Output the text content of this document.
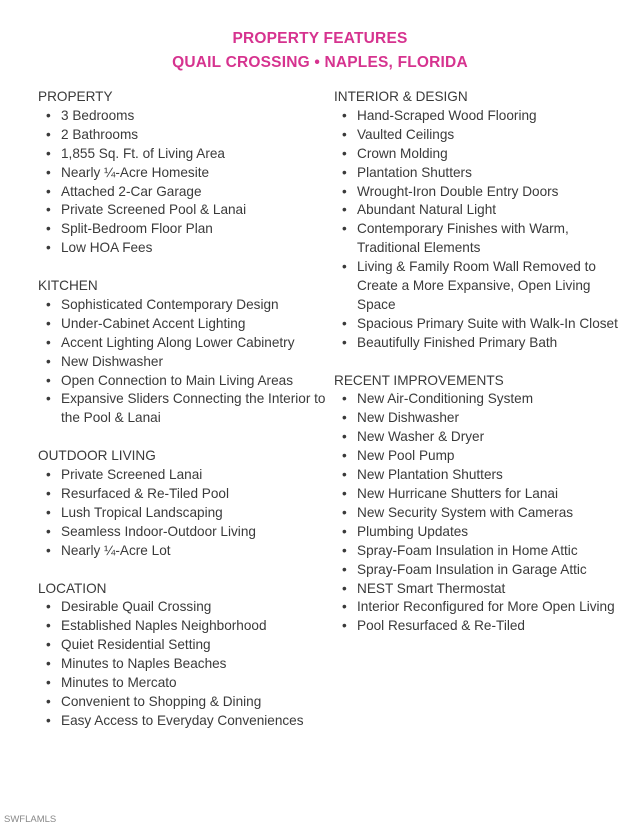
PROPERTY FEATURES
QUAIL CROSSING • NAPLES, FLORIDA
PROPERTY
• 3 Bedrooms
• 2 Bathrooms
• 1,855 Sq. Ft. of Living Area
• Nearly ¼-Acre Homesite
• Attached 2-Car Garage
• Private Screened Pool & Lanai
• Split-Bedroom Floor Plan
• Low HOA Fees
KITCHEN
• Sophisticated Contemporary Design
• Under-Cabinet Accent Lighting
• Accent Lighting Along Lower Cabinetry
• New Dishwasher
• Open Connection to Main Living Areas
• Expansive Sliders Connecting the Interior to the Pool & Lanai
OUTDOOR LIVING
• Private Screened Lanai
• Resurfaced & Re-Tiled Pool
• Lush Tropical Landscaping
• Seamless Indoor-Outdoor Living
• Nearly ¼-Acre Lot
LOCATION
• Desirable Quail Crossing
• Established Naples Neighborhood
• Quiet Residential Setting
• Minutes to Naples Beaches
• Minutes to Mercato
• Convenient to Shopping & Dining
• Easy Access to Everyday Conveniences
INTERIOR & DESIGN
• Hand-Scraped Wood Flooring
• Vaulted Ceilings
• Crown Molding
• Plantation Shutters
• Wrought-Iron Double Entry Doors
• Abundant Natural Light
• Contemporary Finishes with Warm, Traditional Elements
• Living & Family Room Wall Removed to Create a More Expansive, Open Living Space
• Spacious Primary Suite with Walk-In Closet
• Beautifully Finished Primary Bath
RECENT IMPROVEMENTS
• New Air-Conditioning System
• New Dishwasher
• New Washer & Dryer
• New Pool Pump
• New Plantation Shutters
• New Hurricane Shutters for Lanai
• New Security System with Cameras
• Plumbing Updates
• Spray-Foam Insulation in Home Attic
• Spray-Foam Insulation in Garage Attic
• NEST Smart Thermostat
• Interior Reconfigured for More Open Living
• Pool Resurfaced & Re-Tiled
SWFLAMLS
